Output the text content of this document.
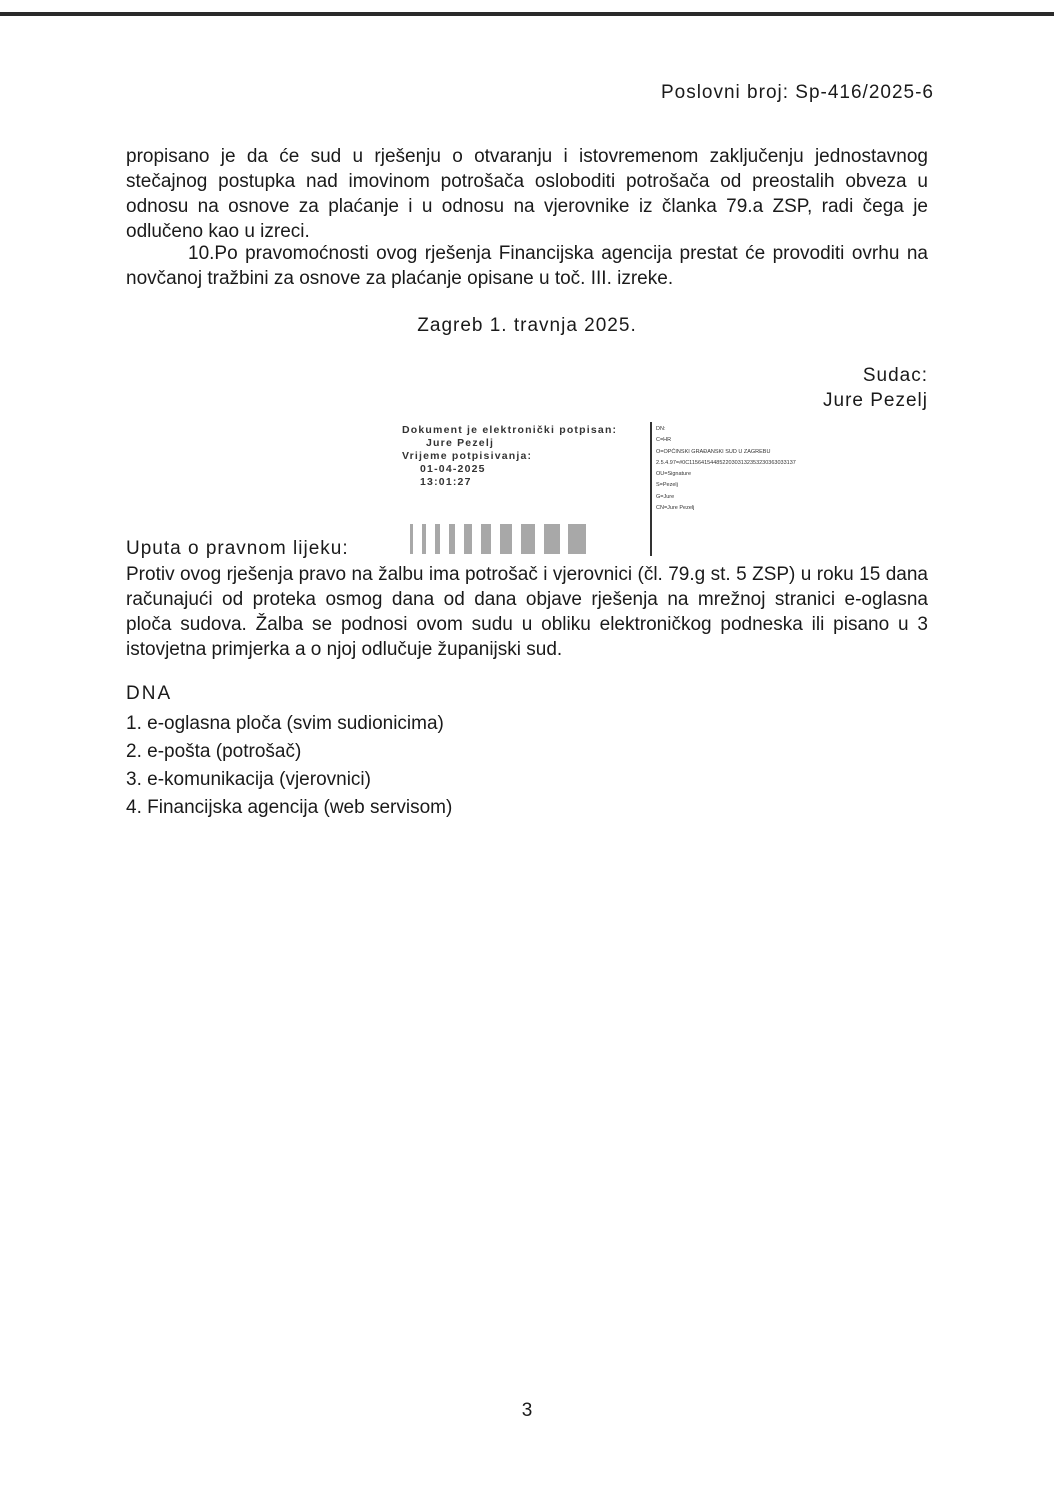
Poslovni broj: Sp-416/2025-6

propisano je da će sud u rješenju o otvaranju i istovremenom zaključenju jednostavnog stečajnog postupka nad imovinom potrošača osloboditi potrošača od preostalih obveza u odnosu na osnove za plaćanje i u odnosu na vjerovnike iz članka 79.a ZSP, radi čega je odlučeno kao u izreci.

10.Po pravomoćnosti ovog rješenja Financijska agencija prestat će provoditi ovrhu na novčanoj tražbini za osnove za plaćanje opisane u toč. III. izreke.

Zagreb 1. travnja 2025.
Sudac:
Jure Pezelj
Dokument je elektronički potpisan:
Jure Pezelj
Vrijeme potpisivanja:
01-04-2025
13:01:27
DN:
C=HR
O=OPĆINSKI GRAĐANSKI SUD U ZAGREBU
2.5.4.97=#0C11564154485220303132353230363033137
OU=Signature
S=Pezelj
G=Jure
CN=Jure Pezelj
Uputa o pravnom lijeku:

Protiv ovog rješenja pravo na žalbu ima potrošač i vjerovnici (čl. 79.g st. 5 ZSP) u roku 15 dana računajući od proteka osmog dana od dana objave rješenja na mrežnoj stranici e-oglasna ploča sudova. Žalba se podnosi ovom sudu u obliku elektroničkog podneska ili pisano u 3 istovjetna primjerka a o njoj odlučuje županijski sud.

DNA
1. e-oglasna ploča (svim sudionicima)
2. e-pošta (potrošač)
3. e-komunikacija (vjerovnici)
4. Financijska agencija (web servisom)
3
